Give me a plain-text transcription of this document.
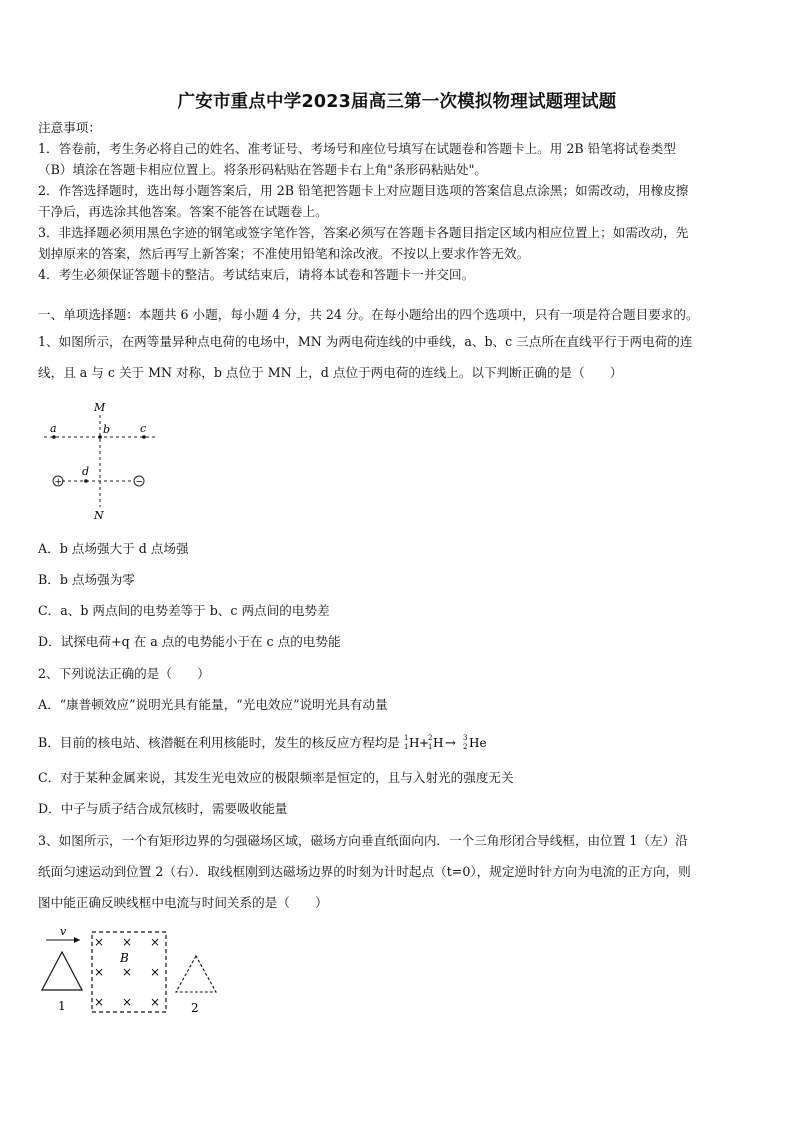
广安市重点中学2023届高三第一次模拟物理试题理试题
注意事项：
1．答卷前，考生务必将自己的姓名、准考证号、考场号和座位号填写在试题卷和答题卡上。用 2B 铅笔将试卷类型
（B）填涂在答题卡相应位置上。将条形码粘贴在答题卡右上角"条形码粘贴处"。
2．作答选择题时，选出每小题答案后，用 2B 铅笔把答题卡上对应题目选项的答案信息点涂黑；如需改动，用橡皮擦
干净后，再选涂其他答案。答案不能答在试题卷上。
3．非选择题必须用黑色字迹的钢笔或签字笔作答，答案必须写在答题卡各题目指定区域内相应位置上；如需改动，先
划掉原来的答案，然后再写上新答案；不准使用铅笔和涂改液。不按以上要求作答无效。
4．考生必须保证答题卡的整洁。考试结束后，请将本试卷和答题卡一并交回。
一、单项选择题：本题共 6 小题，每小题 4 分，共 24 分。在每小题给出的四个选项中，只有一项是符合题目要求的。
1、如图所示，在两等量异种点电荷的电场中，MN 为两电荷连线的中垂线，a、b、c 三点所在直线平行于两电荷的连
线，且 a 与 c 关于 MN 对称，b 点位于 MN 上，d 点位于两电荷的连线上。以下判断正确的是（　　）
M
N
a	b	c
d
+	−
A．b 点场强大于 d 点场强
B．b 点场强为零
C．a、b 两点间的电势差等于 b、c 两点间的电势差
D．试探电荷+q 在 a 点的电势能小于在 c 点的电势能
2、下列说法正确的是（　　）
A．“康普顿效应”说明光具有能量，“光电效应”说明光具有动量
B．目前的核电站、核潜艇在利用核能时，发生的核反应方程均是 1
1 H +
2
1 H → 3
2 He
C．对于某种金属来说，其发生光电效应的极限频率是恒定的，且与入射光的强度无关
D．中子与质子结合成氘核时，需要吸收能量
3、如图所示，一个有矩形边界的匀强磁场区域，磁场方向垂直纸面向内．一个三角形闭合导线框，由位置 1（左）沿
纸面匀速运动到位置 2（右）．取线框刚到达磁场边界的时刻为计时起点（t=0），规定逆时针方向为电流的正方向，则
图中能正确反映线框中电流与时间关系的是（　　）
v
1
× × ×
B
× × ×
× × ×	2
